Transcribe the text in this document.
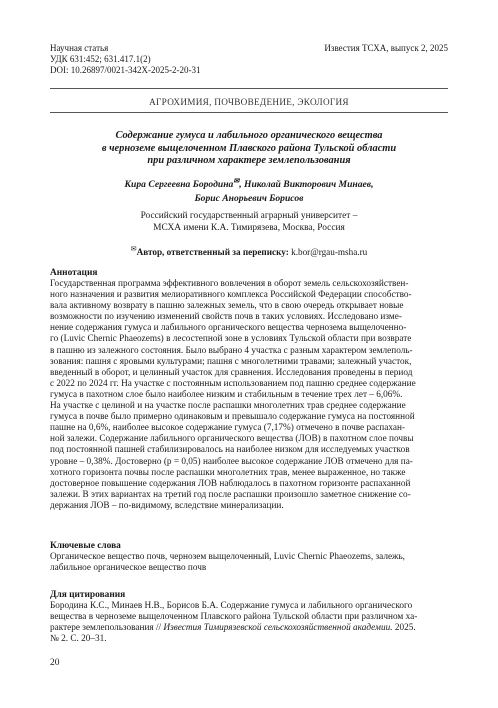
Научная статья
УДК 631:452; 631.417.1(2)
DOI: 10.26897/0021-342X-2025-2-20-31
Известия ТСХА, выпуск 2, 2025
АГРОХИМИЯ, ПОЧВОВЕДЕНИЕ, ЭКОЛОГИЯ
Содержание гумуса и лабильного органического вещества
в черноземе выщелоченном Плавского района Тульской области
при различном характере землепользования
Кира Сергеевна Бородина✉, Николай Викторович Минаев,
Борис Анорьевич Борисов
Российский государственный аграрный университет –
МСХА имени К.А. Тимирязева, Москва, Россия
✉Автор, ответственный за переписку: k.bor@rgau-msha.ru
Аннотация
Государственная программа эффективного вовлечения в оборот земель сельскохозяйствен-
ного назначения и развития мелиоративного комплекса Российской Федерации способство-
вала активному возврату в пашню залежных земель, что в свою очередь открывает новые
возможности по изучению изменений свойств почв в таких условиях. Исследовано изме-
нение содержания гумуса и лабильного органического вещества чернозема выщелоченно-
го (Luvic Chernic Phaeozems) в лесостепной зоне в условиях Тульской области при возврате
в пашню из залежного состояния. Было выбрано 4 участка с разным характером землеполь-
зования: пашня с яровыми культурами; пашня с многолетними травами; залежный участок,
введенный в оборот, и целинный участок для сравнения. Исследования проведены в период
с 2022 по 2024 гг. На участке с постоянным использованием под пашню среднее содержание
гумуса в пахотном слое было наиболее низким и стабильным в течение трех лет – 6,06%.
На участке с целиной и на участке после распашки многолетних трав среднее содержание
гумуса в почве было примерно одинаковым и превышало содержание гумуса на постоянной
пашне на 0,6%, наиболее высокое содержание гумуса (7,17%) отмечено в почве распахан-
ной залежи. Содержание лабильного органического вещества (ЛОВ) в пахотном слое почвы
под постоянной пашней стабилизировалось на наиболее низком для исследуемых участков
уровне – 0,38%. Достоверно (p = 0,05) наиболее высокое содержание ЛОВ отмечено для па-
хотного горизонта почвы после распашки многолетних трав, менее выраженное, но также
достоверное повышение содержания ЛОВ наблюдалось в пахотном горизонте распаханной
залежи. В этих вариантах на третий год после распашки произошло заметное снижение со-
держания ЛОВ – по-видимому, вследствие минерализации.
Ключевые слова
Органическое вещество почв, чернозем выщелоченный, Luvic Chernic Phaeozems, залежь,
лабильное органическое вещество почв
Для цитирования
Бородина К.С., Минаев Н.В., Борисов Б.А. Содержание гумуса и лабильного органического
вещества в черноземе выщелоченном Плавского района Тульской области при различном ха-
рактере землепользования // Известия Тимирязевской сельскохозяйственной академии. 2025.
№ 2. С. 20–31.
20
